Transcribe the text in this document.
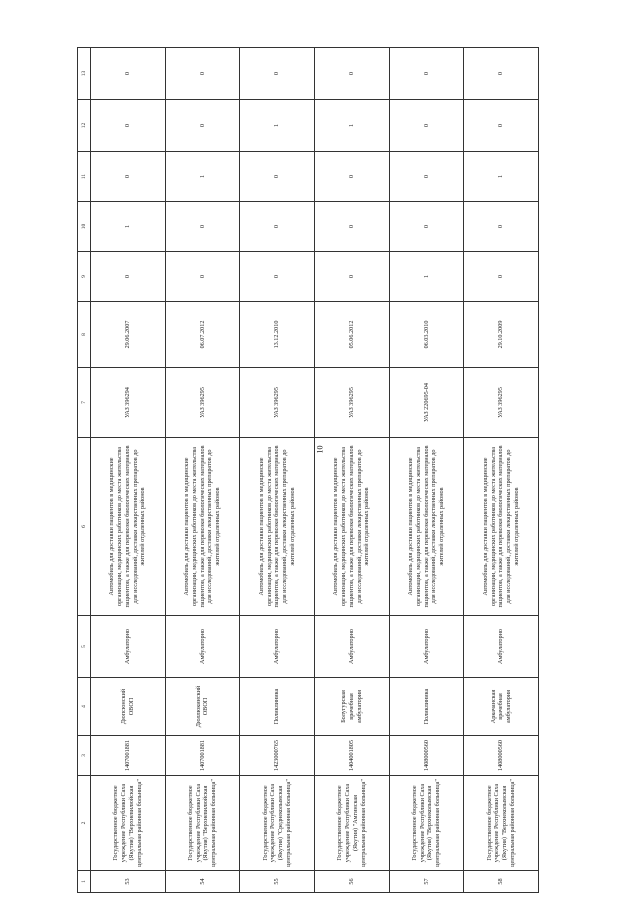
10
1	2	3	4	5	6	7	8	9	10	11	12	13
53	Государственное бюджетное учреждение Республики Саха (Якутия) "Верхневилюйская центральная районная больница"	1407001881	Дюпсюнский ОВОП	Амбулаторно	Автомобиль для доставки пациентов в медицинские организации, медицинских работников до места жительства пациентов, а также для перевозки биологических материалов для исследований, доставки лекарственных препаратов до жителей отдаленных районов	УАЗ 396294	29.06.2007	0	1	0	0	0
54	Государственное бюджетное учреждение Республики Саха (Якутия) "Верхневилюйская центральная районная больница"	1407001881	Дюллюкинский ОВОП	Амбулаторно	Автомобиль для доставки пациентов в медицинские организации, медицинских работников до места жительства пациентов, а также для перевозки биологических материалов для исследований, доставки лекарственных препаратов до жителей отдаленных районов	УАЗ 396295	06.07.2012	0	0	1	0	0
55	Государственное бюджетное учреждение Республики Саха (Якутия) "Среднеколымская центральная районная больница"	1423000765	Поликлиника	Амбулаторно	Автомобиль для доставки пациентов в медицинские организации, медицинских работников до места жительства пациентов, а также для перевозки биологических материалов для исследований, доставки лекарственных препаратов до жителей отдаленных районов	УАЗ 396295	13.12.2010	0	0	0	1	0
56	Государственное бюджетное учреждение Республики Саха (Якутия) "Амгинская центральная районная больница"	1404001805	Болугурская врачебная амбулатория	Амбулаторно	Автомобиль для доставки пациентов в медицинские организации, медицинских работников до места жительства пациентов, а также для перевозки биологических материалов для исследований, доставки лекарственных препаратов до жителей отдаленных районов	УАЗ 396295	05.06.2012	0	0	0	1	0
57	Государственное бюджетное учреждение Республики Саха (Якутия) "Верхнеколымская центральная районная больница"	1408000560	Поликлиника	Амбулаторно	Автомобиль для доставки пациентов в медицинские организации, медицинских работников до места жительства пациентов, а также для перевозки биологических материалов для исследований, доставки лекарственных препаратов до жителей отдаленных районов	УАЗ 220695-04	06.03.2010	1	0	0	0	0
58	Государственное бюджетное учреждение Республики Саха (Якутия) "Верхнеколымская центральная районная больница"	1408000560	Аркачанская врачебная амбулатория	Амбулаторно	Автомобиль для доставки пациентов в медицинские организации, медицинских работников до места жительства пациентов, а также для перевозки биологических материалов для исследований, доставки лекарственных препаратов до жителей отдаленных районов	УАЗ 396295	29.10.2009	0	0	1	0	0
